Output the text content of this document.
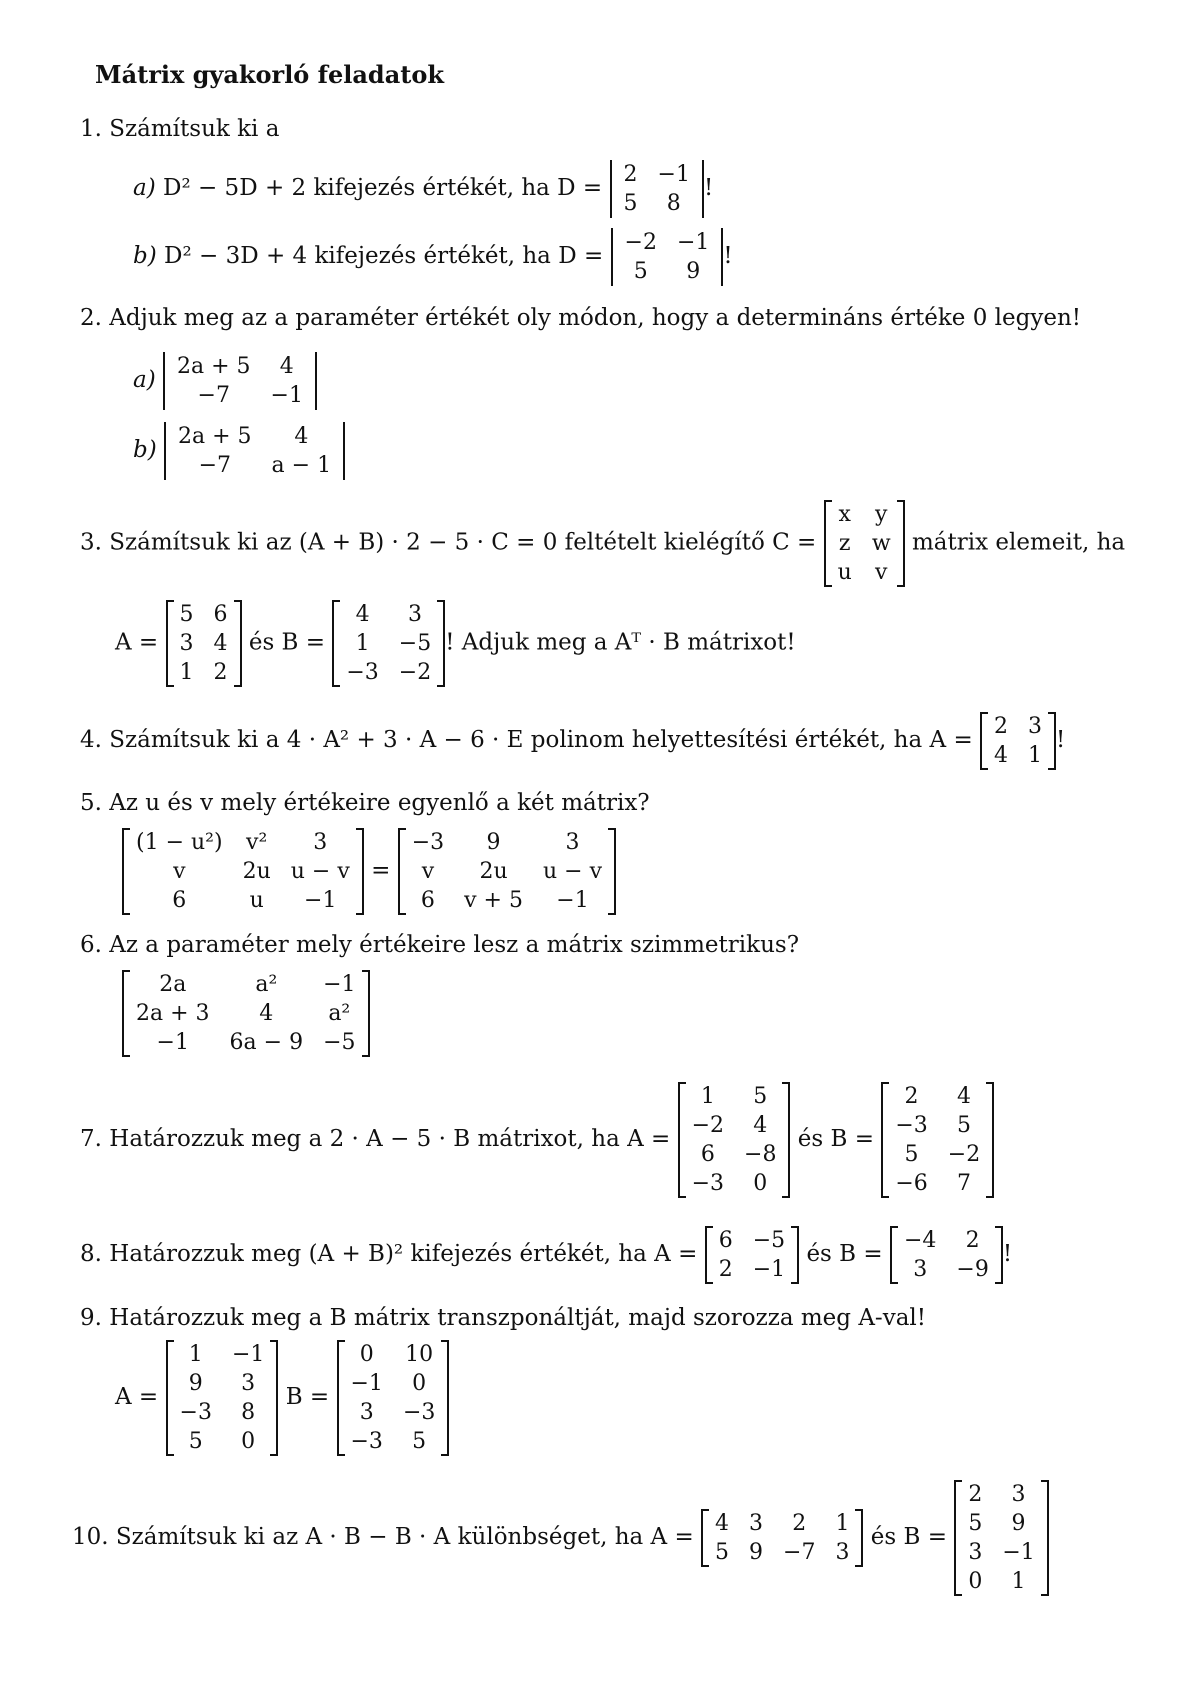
Mátrix gyakorló feladatok
1. Számítsuk ki a
a) D² − 5D + 2 kifejezés értékét, ha D =
2	−1
5	8
!
b) D² − 3D + 4 kifejezés értékét, ha D =
−2	−1
5	9
!
2. Adjuk meg az a paraméter értékét oly módon, hogy a determináns értéke 0 legyen!
a)
2a + 5	4
−7	−1
b)
2a + 5	4
−7	a − 1
3. Számítsuk ki az (A + B) · 2 − 5 · C = 0 feltételt kielégítő C =
x	y
z	w
u	v
mátrix elemeit, ha
A =
5	6
3	4
1	2
és B =
4	3
1	−5
−3	−2
! Adjuk meg a Aᵀ · B mátrixot!
4. Számítsuk ki a 4 · A² + 3 · A − 6 · E polinom helyettesítési értékét, ha A =
2	3
4	1
!
5. Az u és v mely értékeire egyenlő a két mátrix?
(1 − u²)	v²	3
v	2u	u − v
6	u	−1
=
−3	9	3
v	2u	u − v
6	v + 5	−1
6. Az a paraméter mely értékeire lesz a mátrix szimmetrikus?
2a	a²	−1
2a + 3	4	a²
−1	6a − 9	−5
7. Határozzuk meg a 2 · A − 5 · B mátrixot, ha A =
1	5
−2	4
6	−8
−3	0
és B =
2	4
−3	5
5	−2
−6	7
8. Határozzuk meg (A + B)² kifejezés értékét, ha A =
6	−5
2	−1
és B =
−4	2
3	−9
!
9. Határozzuk meg a B mátrix transzponáltját, majd szorozza meg A-val!
A =
1	−1
9	3
−3	8
5	0
B =
0	10
−1	0
3	−3
−3	5
10. Számítsuk ki az A · B − B · A különbséget, ha A =
4	3	2	1
5	9	−7	3
és B =
2	3
5	9
3	−1
0	1
